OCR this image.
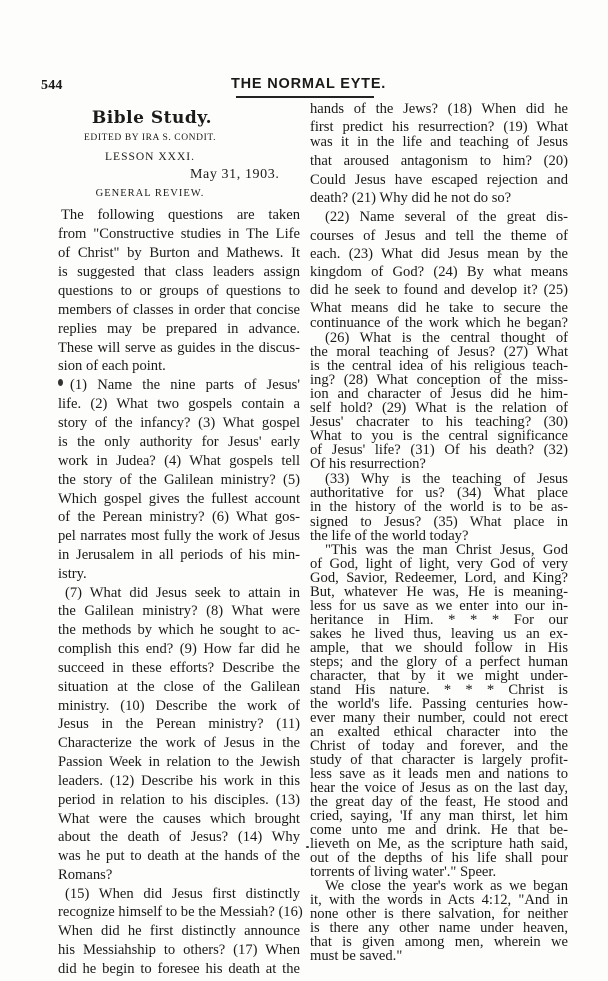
544	THE NORMAL EYTE.
Bible Study.
EDITED BY IRA S. CONDIT.
LESSON XXXI.
May 31, 1903.
GENERAL REVIEW.
The following questions are taken
from "Constructive studies in The Life
of Christ" by Burton and Mathews. It
is suggested that class leaders assign
questions to or groups of questions to
members of classes in order that concise
replies may be prepared in advance.
These will serve as guides in the discus-
sion of each point.
(1) Name the nine parts of Jesus'
life. (2) What two gospels contain a
story of the infancy? (3) What gospel
is the only authority for Jesus' early
work in Judea? (4) What gospels tell
the story of the Galilean ministry? (5)
Which gospel gives the fullest account
of the Perean ministry? (6) What gos-
pel narrates most fully the work of Jesus
in Jerusalem in all periods of his min-
istry.
(7) What did Jesus seek to attain in
the Galilean ministry? (8) What were
the methods by which he sought to ac-
complish this end? (9) How far did he
succeed in these efforts? Describe the
situation at the close of the Galilean
ministry. (10) Describe the work of
Jesus in the Perean ministry? (11)
Characterize the work of Jesus in the
Passion Week in relation to the Jewish
leaders. (12) Describe his work in this
period in relation to his disciples. (13)
What were the causes which brought
about the death of Jesus? (14) Why
was he put to death at the hands of the
Romans?
(15) When did Jesus first distinctly
recognize himself to be the Messiah? (16)
When did he first distinctly announce
his Messiahship to others? (17) When
did he begin to foresee his death at the
hands of the Jews? (18) When did he
first predict his resurrection? (19) What
was it in the life and teaching of Jesus
that aroused antagonism to him? (20)
Could Jesus have escaped rejection and
death? (21) Why did he not do so?
(22) Name several of the great dis-
courses of Jesus and tell the theme of
each. (23) What did Jesus mean by the
kingdom of God? (24) By what means
did he seek to found and develop it? (25)
What means did he take to secure the
continuance of the work which he began?
(26) What is the central thought of
the moral teaching of Jesus? (27) What
is the central idea of his religious teach-
ing? (28) What conception of the miss-
ion and character of Jesus did he him-
self hold? (29) What is the relation of
Jesus' chacrater to his teaching? (30)
What to you is the central significance
of Jesus' life? (31) Of his death? (32)
Of his resurrection?
(33) Why is the teaching of Jesus
authoritative for us? (34) What place
in the history of the world is to be as-
signed to Jesus? (35) What place in
the life of the world today?
"This was the man Christ Jesus, God
of God, light of light, very God of very
God, Savior, Redeemer, Lord, and King?
But, whatever He was, He is meaning-
less for us save as we enter into our in-
heritance in Him. * * * For our
sakes he lived thus, leaving us an ex-
ample, that we should follow in His
steps; and the glory of a perfect human
character, that by it we might under-
stand His nature. * * * Christ is
the world's life. Passing centuries how-
ever many their number, could not erect
an exalted ethical character into the
Christ of today and forever, and the
study of that character is largely profit-
less save as it leads men and nations to
hear the voice of Jesus as on the last day,
the great day of the feast, He stood and
cried, saying, 'If any man thirst, let him
come unto me and drink. He that be-
lieveth on Me, as the scripture hath said,
out of the depths of his life shall pour
torrents of living water'." Speer.
We close the year's work as we began
it, with the words in Acts 4:12, "And in
none other is there salvation, for neither
is there any other name under heaven,
that is given among men, wherein we
must be saved."
